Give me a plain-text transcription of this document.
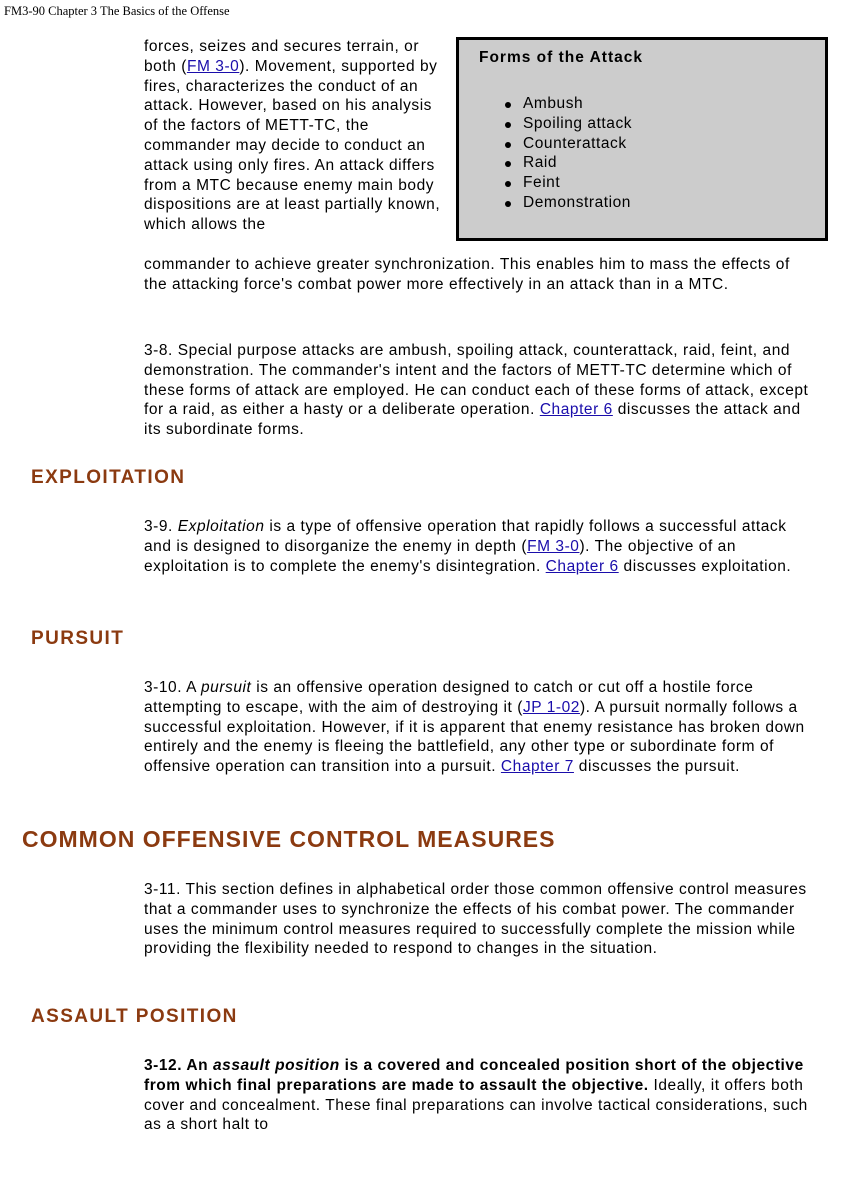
FM3-90 Chapter 3 The Basics of the Offense
Forms of the Attack
Ambush
Spoiling attack
Counterattack
Raid
Feint
Demonstration

forces, seizes and secures terrain, or both (FM 3-0). Movement, supported by fires, characterizes the conduct of an attack. However, based on his analysis of the factors of METT-TC, the commander may decide to conduct an attack using only fires. An attack differs from a MTC because enemy main body dispositions are at least partially known, which allows the

commander to achieve greater synchronization. This enables him to mass the effects of the attacking force's combat power more effectively in an attack than in a MTC.

3-8. Special purpose attacks are ambush, spoiling attack, counterattack, raid, feint, and demonstration. The commander's intent and the factors of METT-TC determine which of these forms of attack are employed. He can conduct each of these forms of attack, except for a raid, as either a hasty or a deliberate operation. Chapter 6 discusses the attack and its subordinate forms.

EXPLOITATION

3-9. Exploitation is a type of offensive operation that rapidly follows a successful attack and is designed to disorganize the enemy in depth (FM 3-0). The objective of an exploitation is to complete the enemy's disintegration. Chapter 6 discusses exploitation.

PURSUIT

3-10. A pursuit is an offensive operation designed to catch or cut off a hostile force attempting to escape, with the aim of destroying it (JP 1-02). A pursuit normally follows a successful exploitation. However, if it is apparent that enemy resistance has broken down entirely and the enemy is fleeing the battlefield, any other type or subordinate form of offensive operation can transition into a pursuit. Chapter 7 discusses the pursuit.

COMMON OFFENSIVE CONTROL MEASURES

3-11. This section defines in alphabetical order those common offensive control measures that a commander uses to synchronize the effects of his combat power. The commander uses the minimum control measures required to successfully complete the mission while providing the flexibility needed to respond to changes in the situation.

ASSAULT POSITION

3-12. An assault position is a covered and concealed position short of the objective from which final preparations are made to assault the objective. Ideally, it offers both cover and concealment. These final preparations can involve tactical considerations, such as a short halt to
